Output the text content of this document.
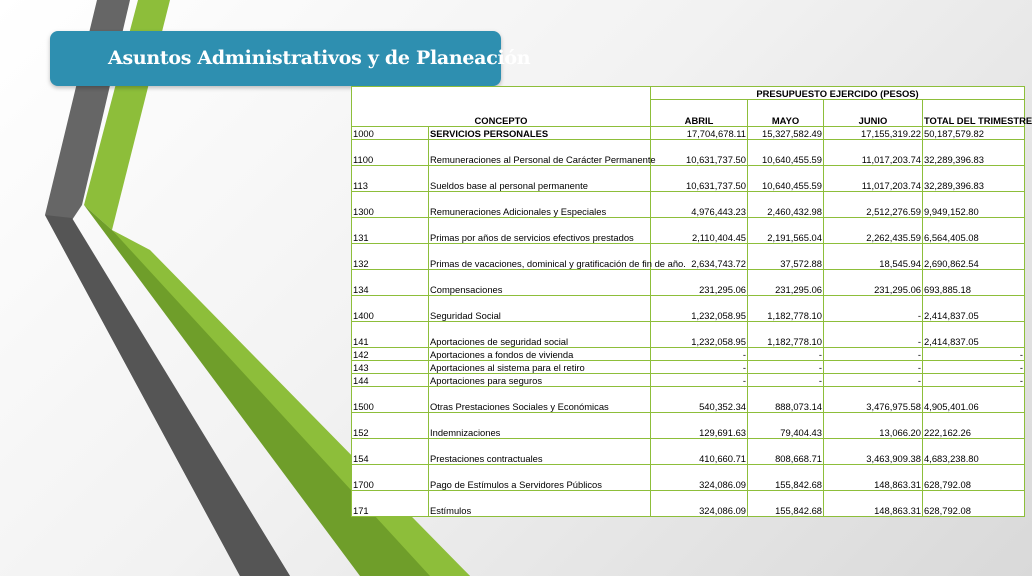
Asuntos Administrativos y de Planeación
CONCEPTO		PRESUPUESTO EJERCIDO (PESOS)			
		ABRIL	MAYO	JUNIO	TOTAL DEL TRIMESTRE
1000	SERVICIOS PERSONALES	17,704,678.11	15,327,582.49	17,155,319.22	50,187,579.82
1100	Remuneraciones al Personal de Carácter Permanente	10,631,737.50	10,640,455.59	11,017,203.74	32,289,396.83
113	Sueldos base al personal permanente	10,631,737.50	10,640,455.59	11,017,203.74	32,289,396.83
1300	Remuneraciones Adicionales y Especiales	4,976,443.23	2,460,432.98	2,512,276.59	9,949,152.80
131	Primas por años de servicios efectivos prestados	2,110,404.45	2,191,565.04	2,262,435.59	6,564,405.08
132	Primas de vacaciones, dominical y gratificación de fin de año.	2,634,743.72	37,572.88	18,545.94	2,690,862.54
134	Compensaciones	231,295.06	231,295.06	231,295.06	693,885.18
1400	Seguridad Social	1,232,058.95	1,182,778.10	-	2,414,837.05
141	Aportaciones de seguridad social	1,232,058.95	1,182,778.10	-	2,414,837.05
142	Aportaciones a fondos de vivienda	-	-	-	-
143	Aportaciones al sistema para el retiro	-	-	-	-
144	Aportaciones para seguros	-	-	-	-
1500	Otras Prestaciones Sociales y Económicas	540,352.34	888,073.14	3,476,975.58	4,905,401.06
152	Indemnizaciones	129,691.63	79,404.43	13,066.20	222,162.26
154	Prestaciones contractuales	410,660.71	808,668.71	3,463,909.38	4,683,238.80
1700	Pago de Estímulos a Servidores Públicos	324,086.09	155,842.68	148,863.31	628,792.08
171	Estímulos	324,086.09	155,842.68	148,863.31	628,792.08
